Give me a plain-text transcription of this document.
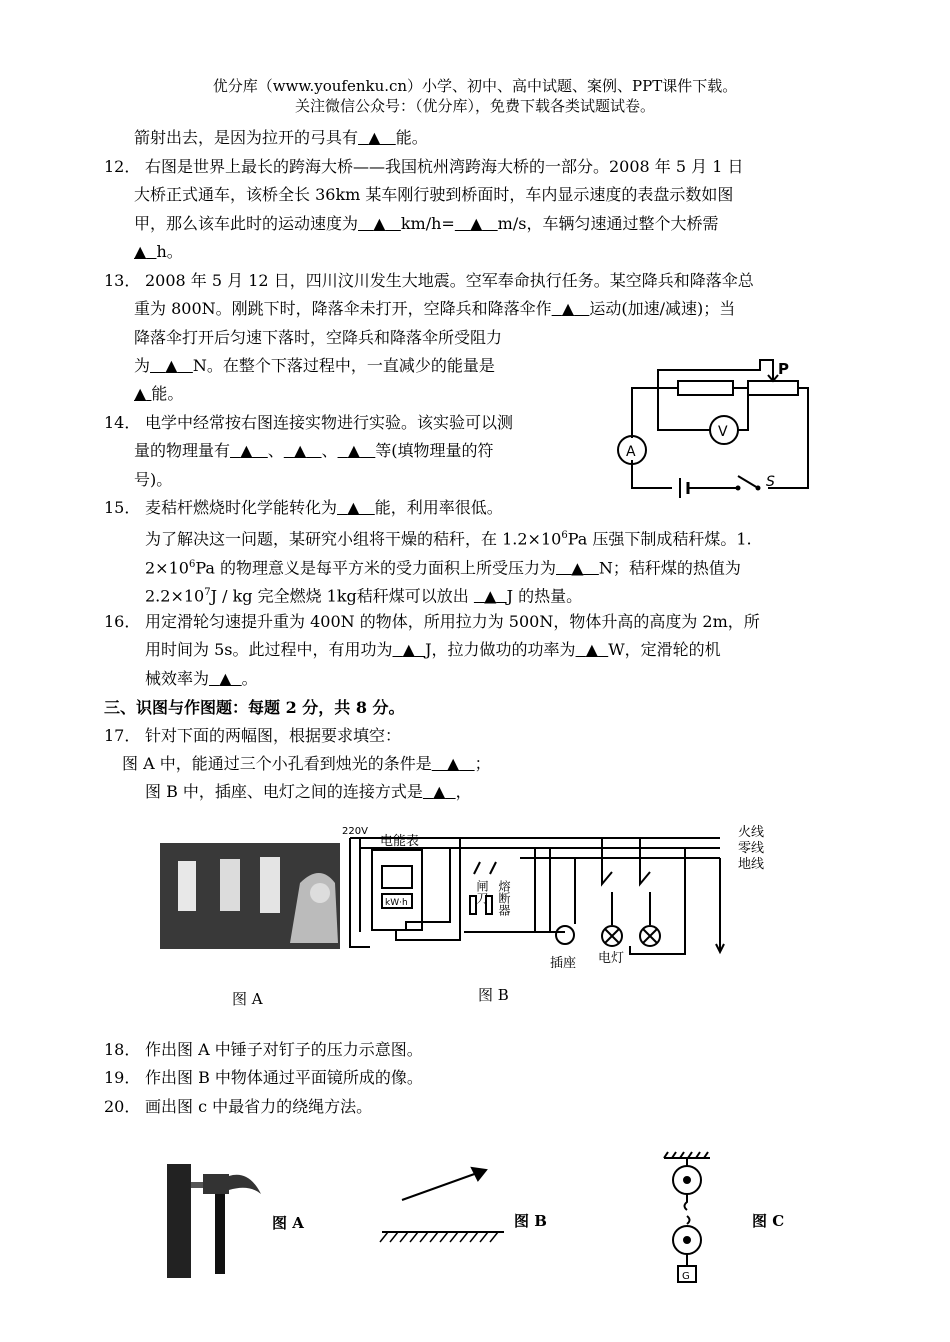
优分库（www.youfenku.cn）小学、初中、高中试题、案例、PPT课件下载。
关注微信公众号：（优分库），免费下载各类试题试卷。
箭射出去，是因为拉开的弓具有 ▲ 能。
12． 右图是世界上最长的跨海大桥——我国杭州湾跨海大桥的一部分。2008 年 5 月 1 日
大桥正式通车，该桥全长 36km 某车刚行驶到桥面时，车内显示速度的表盘示数如图
甲，那么该车此时的运动速度为 ▲ km/h= ▲ m/s，车辆匀速通过整个大桥需
▲ h。
13． 2008 年 5 月 12 日，四川汶川发生大地震。空军奉命执行任务。某空降兵和降落伞总
重为 800N。刚跳下时，降落伞未打开，空降兵和降落伞作 ▲ 运动(加速/减速)；当
降落伞打开后匀速下落时，空降兵和降落伞所受阻力
为 ▲ N。在整个下落过程中，一直减少的能量是
▲ 能。
P
V
A
S
14． 电学中经常按右图连接实物进行实验。该实验可以测
量的物理量有 ▲ 、 ▲ 、 ▲ 等(填物理量的符
号)。
15． 麦秸杆燃烧时化学能转化为 ▲ 能，利用率很低。
为了解决这一问题，某研究小组将干燥的秸秆，在 $1.2\times 10^6Pa$ 压强下制成秸秆煤。1.
$2\times 10^6Pa$ 的物理意义是每平方米的受力面积上所受压力为 ▲ N；秸秆煤的热值为
$2.2\times 10^7J$ / kg 完全燃烧 1kg秸秆煤可以放出 ▲ J 的热量。
16． 用定滑轮匀速提升重为 400N 的物体，所用拉力为 500N，物体升高的高度为 2m，所
用时间为 5s。此过程中，有用功为 ▲ J，拉力做功的功率为 ▲ W，定滑轮的机
械效率为 ▲ 。
三、识图与作图题：每题 2 分，共 8 分。
17． 针对下面的两幅图，根据要求填空：
图 A 中，能通过三个小孔看到烛光的条件是 ▲ ；
图 B 中，插座、电灯之间的连接方式是 ▲ ，
220V
电能表
kW·h	闸刀 熔断器
火线
零线
地线
插座 电灯
图 A	图 B
18． 作出图 A 中锤子对钉子的压力示意图。
19． 作出图 B 中物体通过平面镜所成的像。
20． 画出图 c 中最省力的绕绳方法。
图 A	图 B
G
图 C
